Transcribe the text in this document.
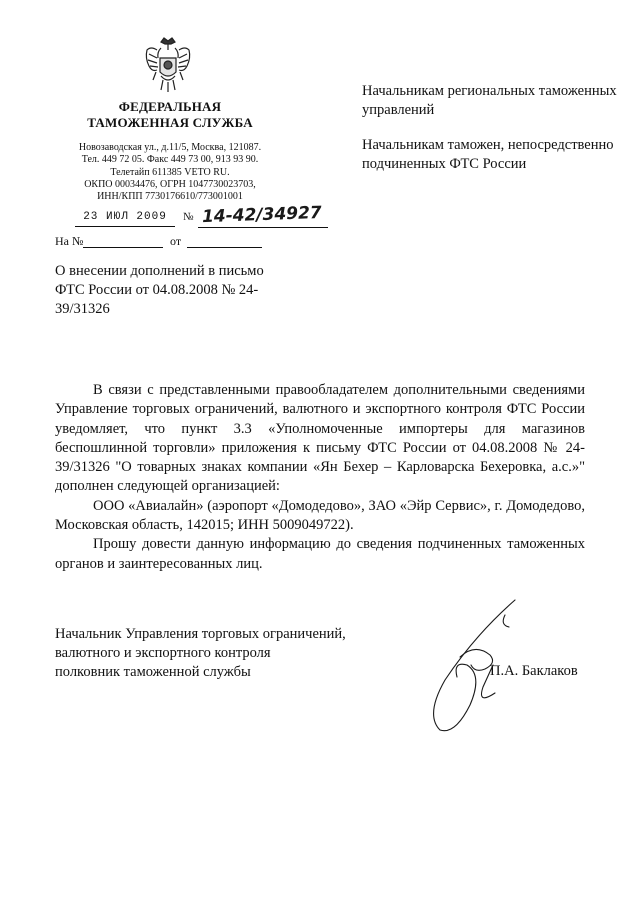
ФЕДЕРАЛЬНАЯ
ТАМОЖЕННАЯ СЛУЖБА
Новозаводская ул., д.11/5, Москва, 121087.
Тел. 449 72 05. Факс 449 73 00, 913 93 90.
Телетайп 611385 VETO RU.
ОКПО 00034476, ОГРН 1047730023703,
ИНН/КПП 7730176610/773001001
23 ИЮЛ 2009	№ 14-42/34927
На №	от
О внесении дополнений в письмо ФТС России от 04.08.2008 № 24-39/31326

Начальникам региональных таможенных управлений

Начальникам таможен, непосредственно подчиненных ФТС России

В связи с представленными правообладателем дополнительными сведениями Управление торговых ограничений, валютного и экспортного контроля ФТС России уведомляет, что пункт 3.3 «Уполномоченные импортеры для магазинов беспошлинной торговли» приложения к письму ФТС России от 04.08.2008 № 24-39/31326 "О товарных знаках компании «Ян Бехер – Карловарска Бехеровка, а.с.»" дополнен следующей организацией:

ООО «Авиалайн» (аэропорт «Домодедово», ЗАО «Эйр Сервис», г. Домодедово, Московская область, 142015; ИНН 5009049722).

Прошу довести данную информацию до сведения подчиненных таможенных органов и заинтересованных лиц.

Начальник Управления торговых ограничений,
валютного и экспортного контроля
полковник таможенной службы	П.А. Баклаков
